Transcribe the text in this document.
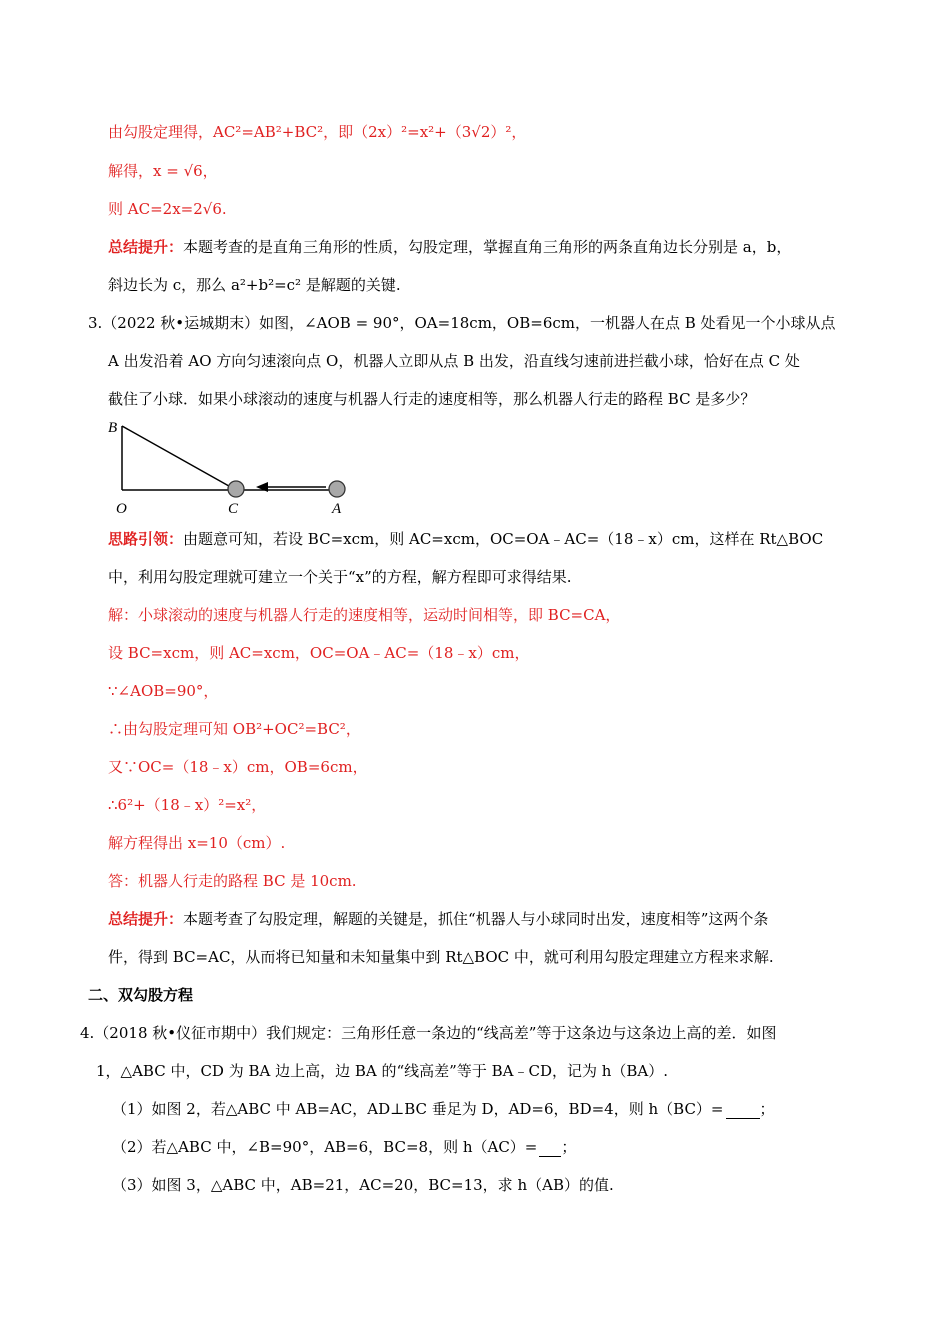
由勾股定理得，AC²=AB²+BC²，即（2x）²=x²+（3√2）²，
解得，x = √6，
则 AC=2x=2√6.
总结提升：本题考查的是直角三角形的性质，勾股定理，掌握直角三角形的两条直角边长分别是 a，b，
斜边长为 c，那么 a²+b²=c² 是解题的关键.
3.（2022 秋•运城期末）如图，∠AOB = 90°，OA=18cm，OB=6cm，一机器人在点 B 处看见一个小球从点
A 出发沿着 AO 方向匀速滚向点 O，机器人立即从点 B 出发，沿直线匀速前进拦截小球，恰好在点 C 处
截住了小球．如果小球滚动的速度与机器人行走的速度相等，那么机器人行走的路程 BC 是多少？
B
O	C	A
思路引领：由题意可知，若设 BC=xcm，则 AC=xcm，OC=OA﹣AC=（18﹣x）cm，这样在 Rt△BOC
中，利用勾股定理就可建立一个关于“x”的方程，解方程即可求得结果.
解：小球滚动的速度与机器人行走的速度相等，运动时间相等，即 BC=CA，
设 BC=xcm，则 AC=xcm，OC=OA﹣AC=（18﹣x）cm，
∵∠AOB=90°，
∴由勾股定理可知 OB²+OC²=BC²，
又∵OC=（18﹣x）cm，OB=6cm，
∴6²+（18﹣x）²=x²，
解方程得出 x=10（cm）.
答：机器人行走的路程 BC 是 10cm.
总结提升：本题考查了勾股定理，解题的关键是，抓住“机器人与小球同时出发，速度相等”这两个条
件，得到 BC=AC，从而将已知量和未知量集中到 Rt△BOC 中，就可利用勾股定理建立方程来求解.
二、双勾股方程
4.（2018 秋•仪征市期中）我们规定：三角形任意一条边的“线高差”等于这条边与这条边上高的差．如图
1，△ABC 中，CD 为 BA 边上高，边 BA 的“线高差”等于 BA﹣CD，记为 h（BA）.
（1）如图 2，若△ABC 中 AB=AC，AD⊥BC 垂足为 D，AD=6，BD=4，则 h（BC）= ；
（2）若△ABC 中，∠B=90°，AB=6，BC=8，则 h（AC）= ；
（3）如图 3，△ABC 中，AB=21，AC=20，BC=13，求 h（AB）的值.
